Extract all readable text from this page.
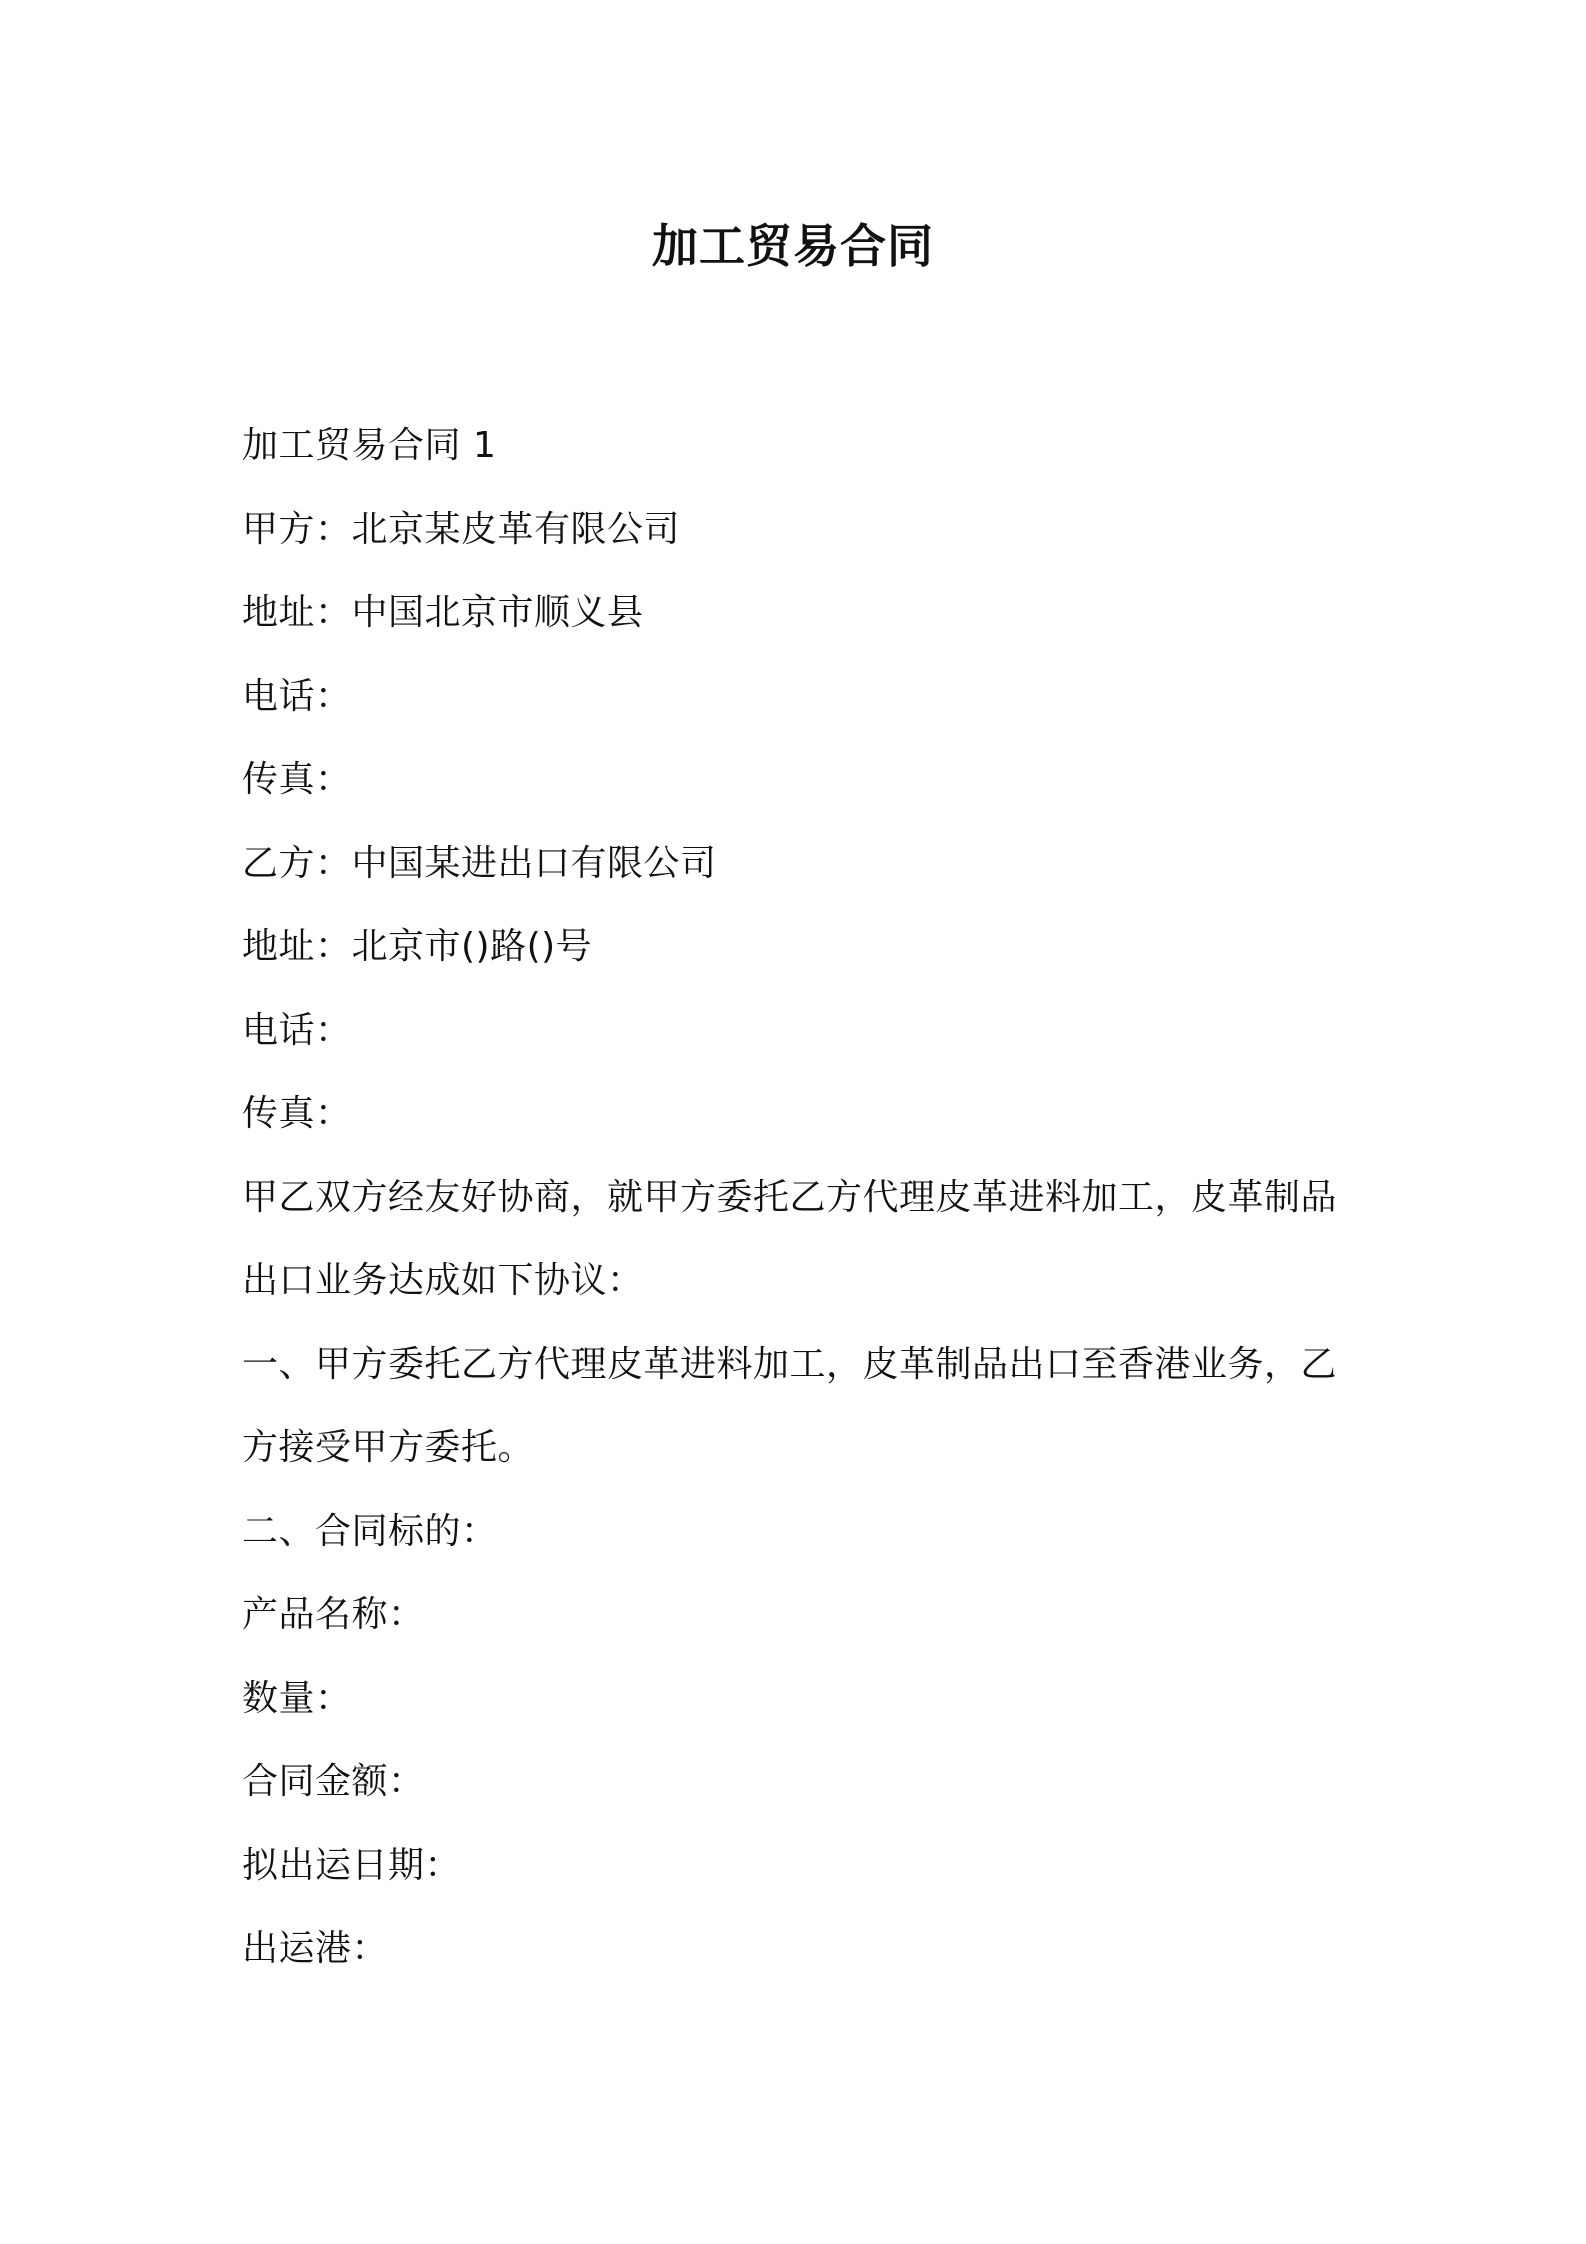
加工贸易合同
加工贸易合同 1
甲方：北京某皮革有限公司
地址：中国北京市顺义县
电话：
传真：
乙方：中国某进出口有限公司
地址：北京市()路()号
电话：
传真：
甲乙双方经友好协商，就甲方委托乙方代理皮革进料加工，皮革制品
出口业务达成如下协议：
一、甲方委托乙方代理皮革进料加工，皮革制品出口至香港业务，乙
方接受甲方委托。
二、合同标的：
产品名称：
数量：
合同金额：
拟出运日期：
出运港：
